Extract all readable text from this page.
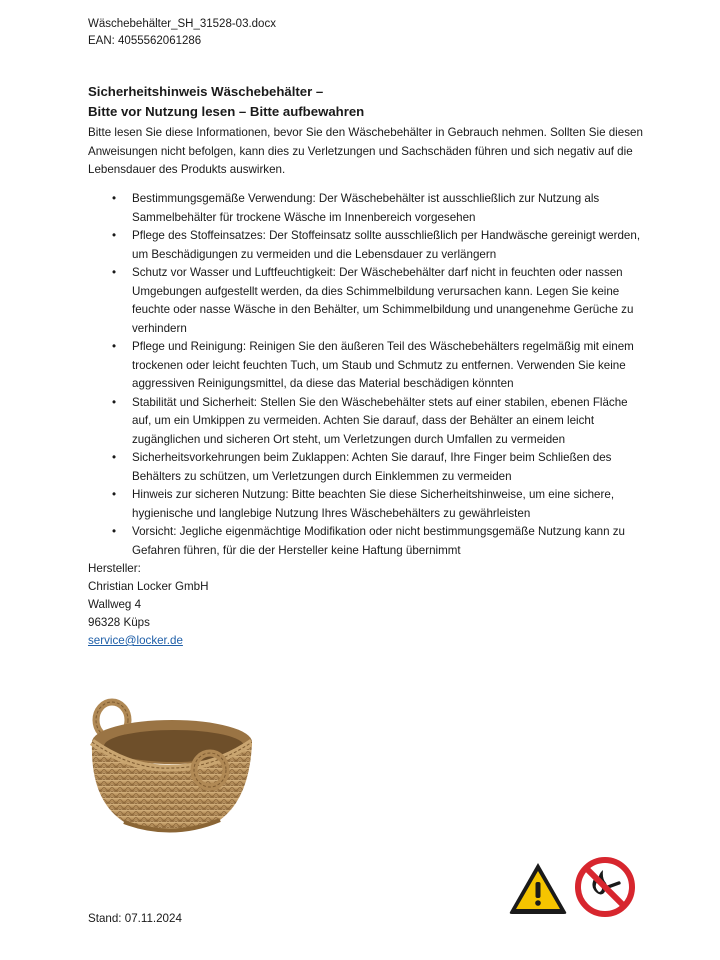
Wäschebehälter_SH_31528-03.docx
EAN: 4055562061286
Sicherheitshinweis Wäschebehälter –
Bitte vor Nutzung lesen – Bitte aufbewahren
Bitte lesen Sie diese Informationen, bevor Sie den Wäschebehälter in Gebrauch nehmen. Sollten Sie diesen Anweisungen nicht befolgen, kann dies zu Verletzungen und Sachschäden führen und sich negativ auf die Lebensdauer des Produkts auswirken.
• Bestimmungsgemäße Verwendung: Der Wäschebehälter ist ausschließlich zur Nutzung als Sammelbehälter für trockene Wäsche im Innenbereich vorgesehen
• Pflege des Stoffeinsatzes: Der Stoffeinsatz sollte ausschließlich per Handwäsche gereinigt werden, um Beschädigungen zu vermeiden und die Lebensdauer zu verlängern
• Schutz vor Wasser und Luftfeuchtigkeit: Der Wäschebehälter darf nicht in feuchten oder nassen Umgebungen aufgestellt werden, da dies Schimmelbildung verursachen kann. Legen Sie keine feuchte oder nasse Wäsche in den Behälter, um Schimmelbildung und unangenehme Gerüche zu verhindern
• Pflege und Reinigung: Reinigen Sie den äußeren Teil des Wäschebehälters regelmäßig mit einem trockenen oder leicht feuchten Tuch, um Staub und Schmutz zu entfernen. Verwenden Sie keine aggressiven Reinigungsmittel, da diese das Material beschädigen könnten
• Stabilität und Sicherheit: Stellen Sie den Wäschebehälter stets auf einer stabilen, ebenen Fläche auf, um ein Umkippen zu vermeiden. Achten Sie darauf, dass der Behälter an einem leicht zugänglichen und sicheren Ort steht, um Verletzungen durch Umfallen zu vermeiden
• Sicherheitsvorkehrungen beim Zuklappen: Achten Sie darauf, Ihre Finger beim Schließen des Behälters zu schützen, um Verletzungen durch Einklemmen zu vermeiden
• Hinweis zur sicheren Nutzung: Bitte beachten Sie diese Sicherheitshinweise, um eine sichere, hygienische und langlebige Nutzung Ihres Wäschebehälters zu gewährleisten
• Vorsicht: Jegliche eigenmächtige Modifikation oder nicht bestimmungsgemäße Nutzung kann zu Gefahren führen, für die der Hersteller keine Haftung übernimmt
Hersteller:
Christian Locker GmbH
Wallweg 4
96328 Küps
service@locker.de
Stand: 07.11.2024
